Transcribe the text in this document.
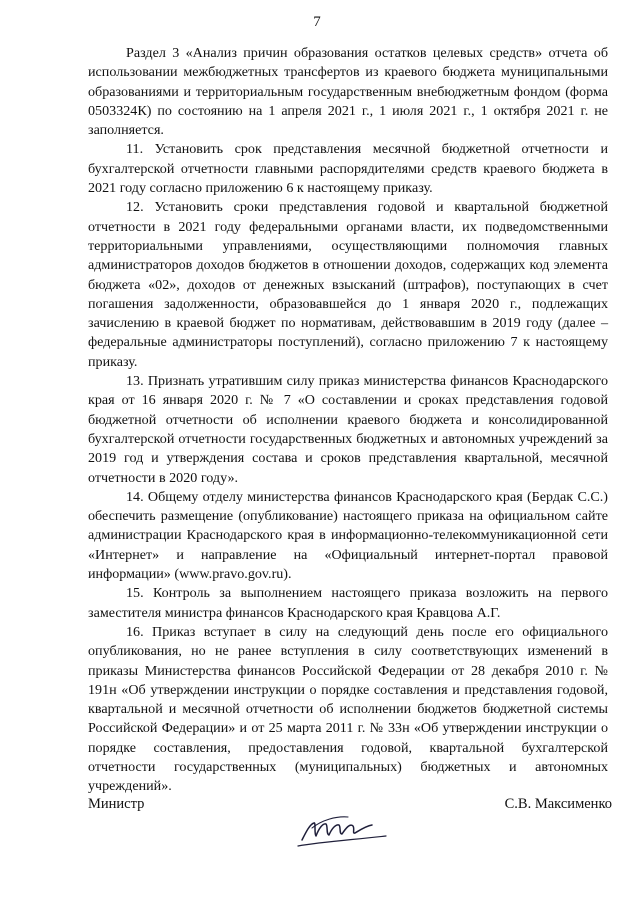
7

Раздел 3 «Анализ причин образования остатков целевых средств» отчета об использовании межбюджетных трансфертов из краевого бюджета муниципальными образованиями и территориальным государственным внебюджетным фондом (форма 0503324К) по состоянию на 1 апреля 2021 г., 1 июля 2021 г., 1 октября 2021 г. не заполняется.

11. Установить срок представления месячной бюджетной отчетности и бухгалтерской отчетности главными распорядителями средств краевого бюджета в 2021 году согласно приложению 6 к настоящему приказу.

12. Установить сроки представления годовой и квартальной бюджетной отчетности в 2021 году федеральными органами власти, их подведомственными территориальными управлениями, осуществляющими полномочия главных администраторов доходов бюджетов в отношении доходов, содержащих код элемента бюджета «02», доходов от денежных взысканий (штрафов), поступающих в счет погашения задолженности, образовавшейся до 1 января 2020 г., подлежащих зачислению в краевой бюджет по нормативам, действовавшим в 2019 году (далее – федеральные администраторы поступлений), согласно приложению 7 к настоящему приказу.

13. Признать утратившим силу приказ министерства финансов Краснодарского края от 16 января 2020 г. № 7 «О составлении и сроках представления годовой бюджетной отчетности об исполнении краевого бюджета и консолидированной бухгалтерской отчетности государственных бюджетных и автономных учреждений за 2019 год и утверждения состава и сроков представления квартальной, месячной отчетности в 2020 году».

14. Общему отделу министерства финансов Краснодарского края (Бердак С.С.) обеспечить размещение (опубликование) настоящего приказа на официальном сайте администрации Краснодарского края в информационно-телекоммуникационной сети «Интернет» и направление на «Официальный интернет-портал правовой информации» (www.pravo.gov.ru).

15. Контроль за выполнением настоящего приказа возложить на первого заместителя министра финансов Краснодарского края Кравцова А.Г.

16. Приказ вступает в силу на следующий день после его официального опубликования, но не ранее вступления в силу соответствующих изменений в приказы Министерства финансов Российской Федерации от 28 декабря 2010 г. № 191н «Об утверждении инструкции о порядке составления и представления годовой, квартальной и месячной отчетности об исполнении бюджетов бюджетной системы Российской Федерации» и от 25 марта 2011 г. № 33н «Об утверждении инструкции о порядке составления, предоставления годовой, квартальной бухгалтерской отчетности государственных (муниципальных) бюджетных и автономных учреждений».

Министр	С.В. Максименко
